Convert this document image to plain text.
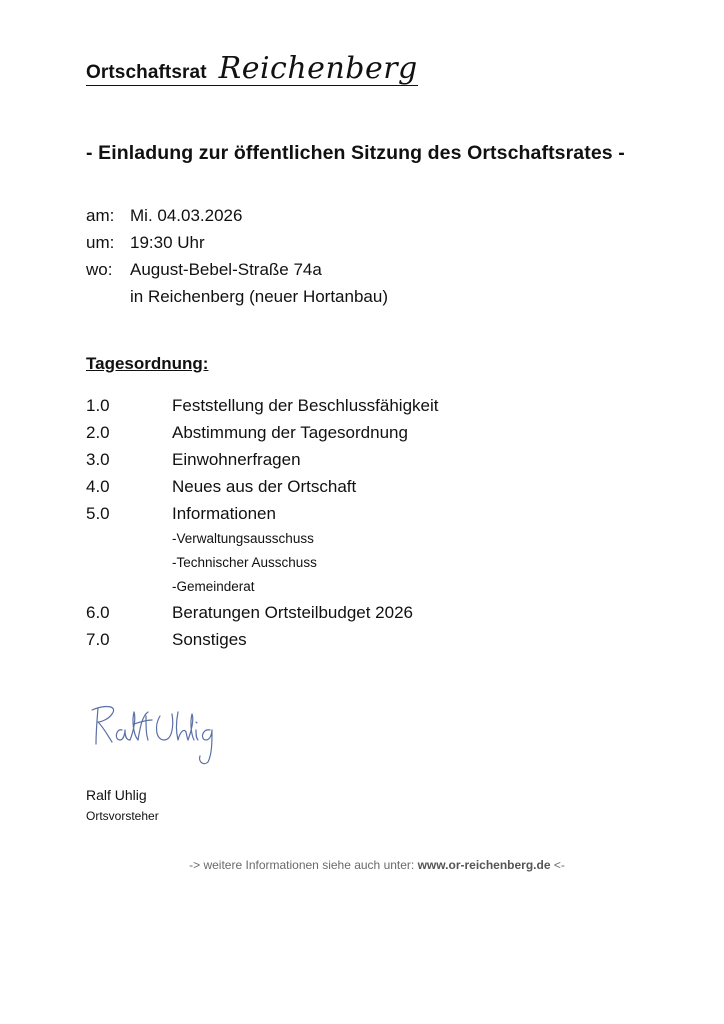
Ortschaftsrat Reichenberg
- Einladung zur öffentlichen Sitzung des Ortschaftsrates -
am: Mi. 04.03.2026
um: 19:30 Uhr
wo:	August-Bebel-Straße 74a
in Reichenberg (neuer Hortanbau)
Tagesordnung:
1.0	Feststellung der Beschlussfähigkeit
2.0	Abstimmung der Tagesordnung
3.0	Einwohnerfragen
4.0	Neues aus der Ortschaft
5.0	Informationen
-Verwaltungsausschuss
-Technischer Ausschuss
-Gemeinderat
6.0	Beratungen Ortsteilbudget 2026
7.0	Sonstiges
Ralf Uhlig
Ortsvorsteher
-> weitere Informationen siehe auch unter: www.or-reichenberg.de <-
